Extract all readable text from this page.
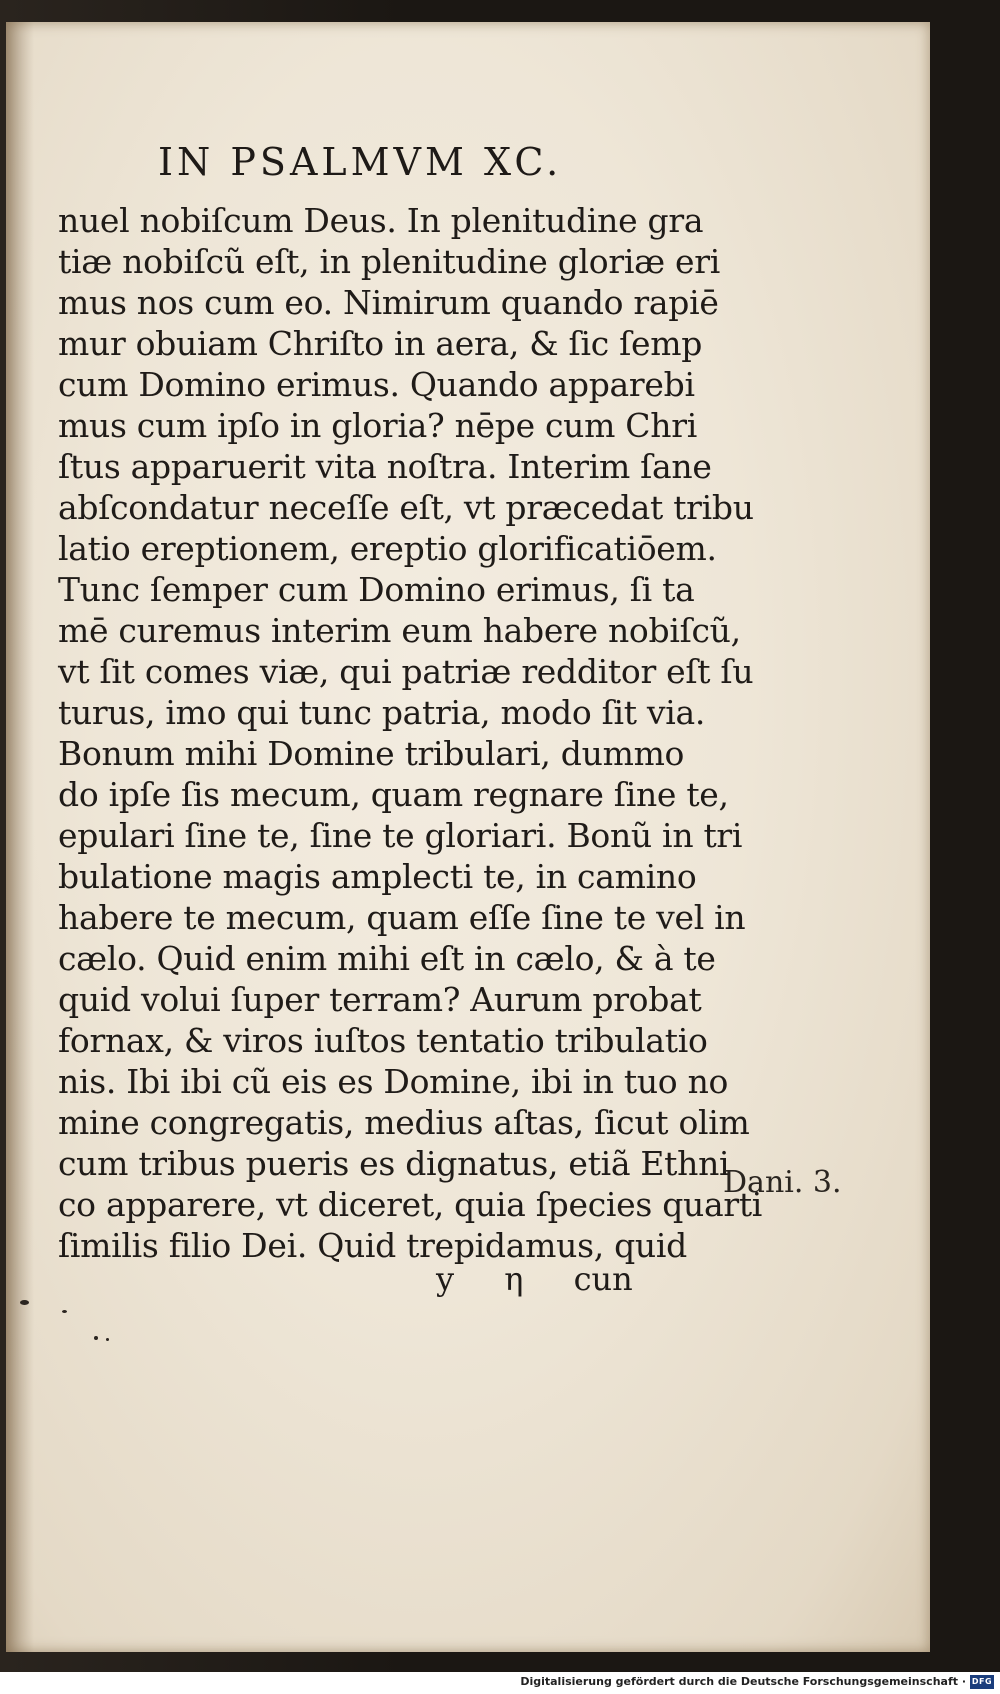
IN PSALMVM XC.
nuel nobiſcum Deus. In plenitudine gra
tiæ nobiſcũ eſt, in plenitudine gloriæ eri
mus nos cum eo. Nimirum quando rapiē
mur obuiam Chriſto in aera, & ſic ſemp
cum Domino erimus. Quando apparebi
mus cum ipſo in gloria? nēpe cum Chri
ſtus apparuerit vita noſtra. Interim ſane
abſcondatur neceſſe eſt, vt præcedat tribu
latio ereptionem, ereptio glorificatiōem.
Tunc ſemper cum Domino erimus, ſi ta
mē curemus interim eum habere nobiſcũ,
vt ſit comes viæ, qui patriæ redditor eſt ſu
turus, imo qui tunc patria, modo ſit via.
Bonum mihi Domine tribulari, dummo
do ipſe ſis mecum, quam regnare ſine te,
epulari ſine te, ſine te gloriari. Bonũ in tri
bulatione magis amplecti te, in camino
habere te mecum, quam eſſe ſine te vel in
cælo. Quid enim mihi eſt in cælo, & à te
quid volui ſuper terram? Aurum probat
fornax, & viros iuſtos tentatio tribulatio
nis. Ibi ibi cũ eis es Domine, ibi in tuo no
mine congregatis, medius aſtas, ſicut olim
cum tribus pueris es dignatus, etiã Ethni
co apparere, vt diceret, quia ſpecies quarti
ſimilis filio Dei. Quid trepidamus, quid
Dani. 3.
y η cun
Digitalisierung gefördert durch die Deutsche Forschungsgemeinschaft · DFG
